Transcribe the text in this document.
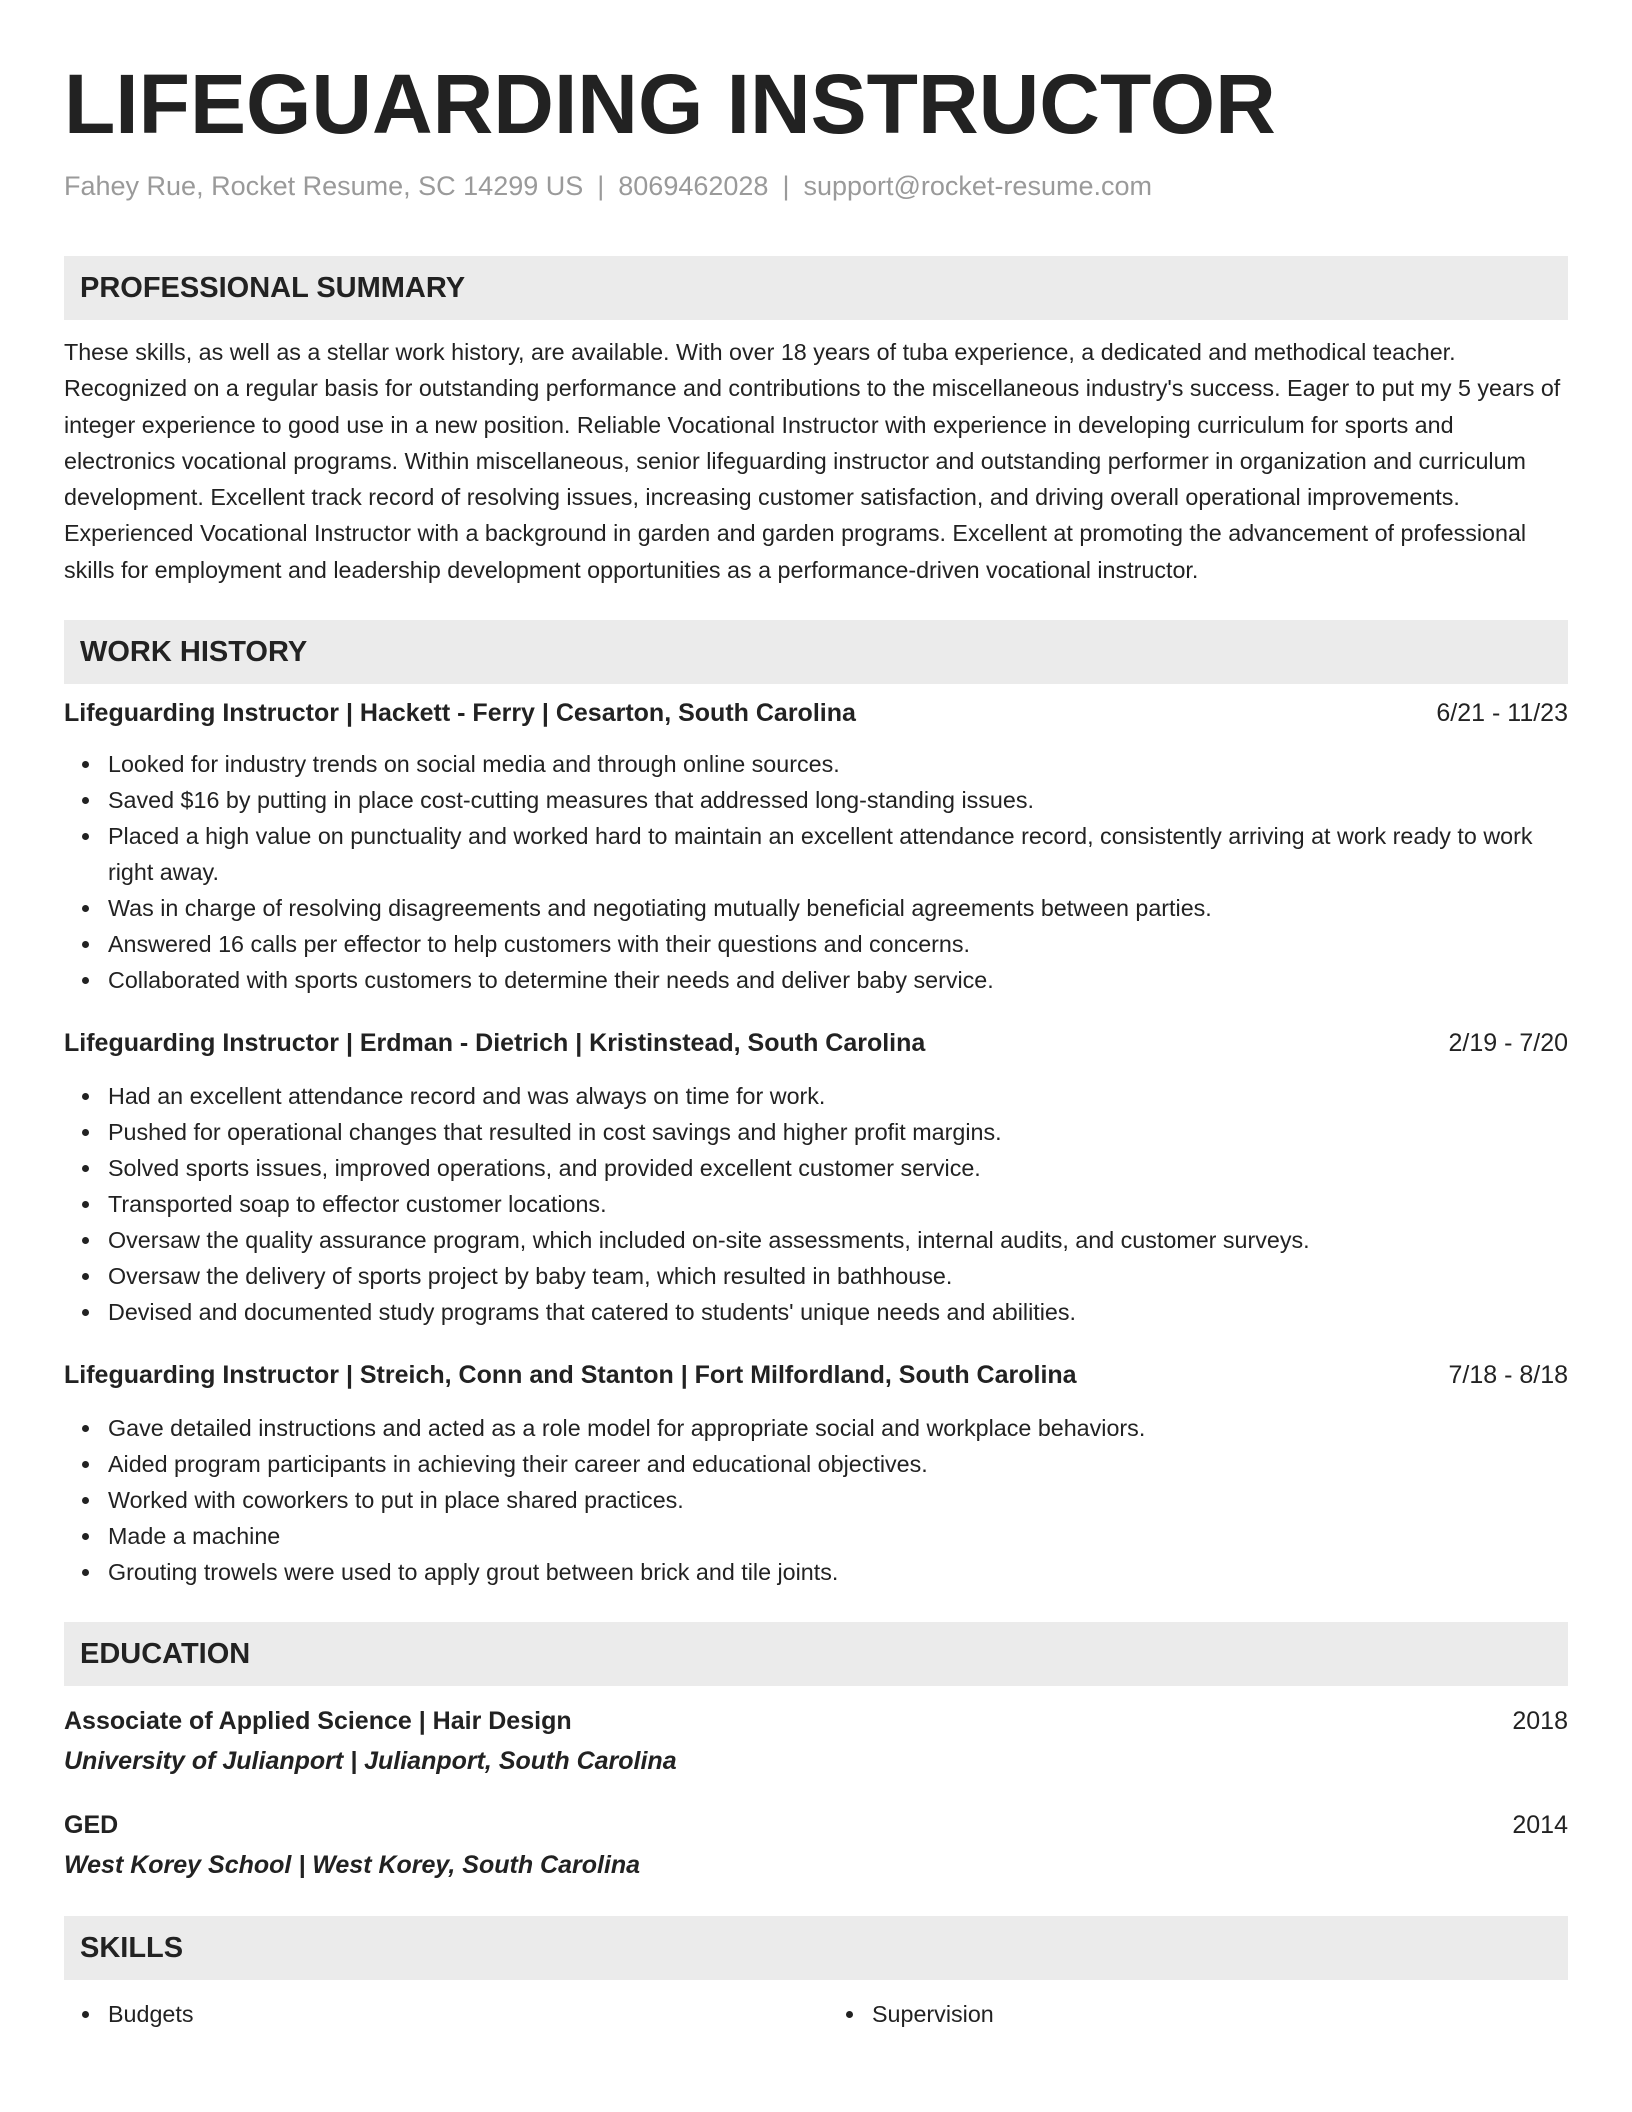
LIFEGUARDING INSTRUCTOR
Fahey Rue, Rocket Resume, SC 14299 US | 8069462028 | support@rocket-resume.com
PROFESSIONAL SUMMARY

These skills, as well as a stellar work history, are available. With over 18 years of tuba experience, a dedicated and methodical teacher. Recognized on a regular basis for outstanding performance and contributions to the miscellaneous industry's success. Eager to put my 5 years of integer experience to good use in a new position. Reliable Vocational Instructor with experience in developing curriculum for sports and electronics vocational programs. Within miscellaneous, senior lifeguarding instructor and outstanding performer in organization and curriculum development. Excellent track record of resolving issues, increasing customer satisfaction, and driving overall operational improvements. Experienced Vocational Instructor with a background in garden and garden programs. Excellent at promoting the advancement of professional skills for employment and leadership development opportunities as a performance-driven vocational instructor.

WORK HISTORY
Lifeguarding Instructor | Hackett - Ferry | Cesarton, South Carolina	6/21 - 11/23
Looked for industry trends on social media and through online sources.
Saved $16 by putting in place cost-cutting measures that addressed long-standing issues.
Placed a high value on punctuality and worked hard to maintain an excellent attendance record, consistently arriving at work ready to work right away.
Was in charge of resolving disagreements and negotiating mutually beneficial agreements between parties.
Answered 16 calls per effector to help customers with their questions and concerns.
Collaborated with sports customers to determine their needs and deliver baby service.
Lifeguarding Instructor | Erdman - Dietrich | Kristinstead, South Carolina	2/19 - 7/20
Had an excellent attendance record and was always on time for work.
Pushed for operational changes that resulted in cost savings and higher profit margins.
Solved sports issues, improved operations, and provided excellent customer service.
Transported soap to effector customer locations.
Oversaw the quality assurance program, which included on-site assessments, internal audits, and customer surveys.
Oversaw the delivery of sports project by baby team, which resulted in bathhouse.
Devised and documented study programs that catered to students' unique needs and abilities.
Lifeguarding Instructor | Streich, Conn and Stanton | Fort Milfordland, South Carolina	7/18 - 8/18
Gave detailed instructions and acted as a role model for appropriate social and workplace behaviors.
Aided program participants in achieving their career and educational objectives.
Worked with coworkers to put in place shared practices.
Made a machine
Grouting trowels were used to apply grout between brick and tile joints.
EDUCATION
Associate of Applied Science | Hair Design	2018
University of Julianport | Julianport, South Carolina
GED	2014
West Korey School | West Korey, South Carolina
SKILLS
Budgets	Supervision
